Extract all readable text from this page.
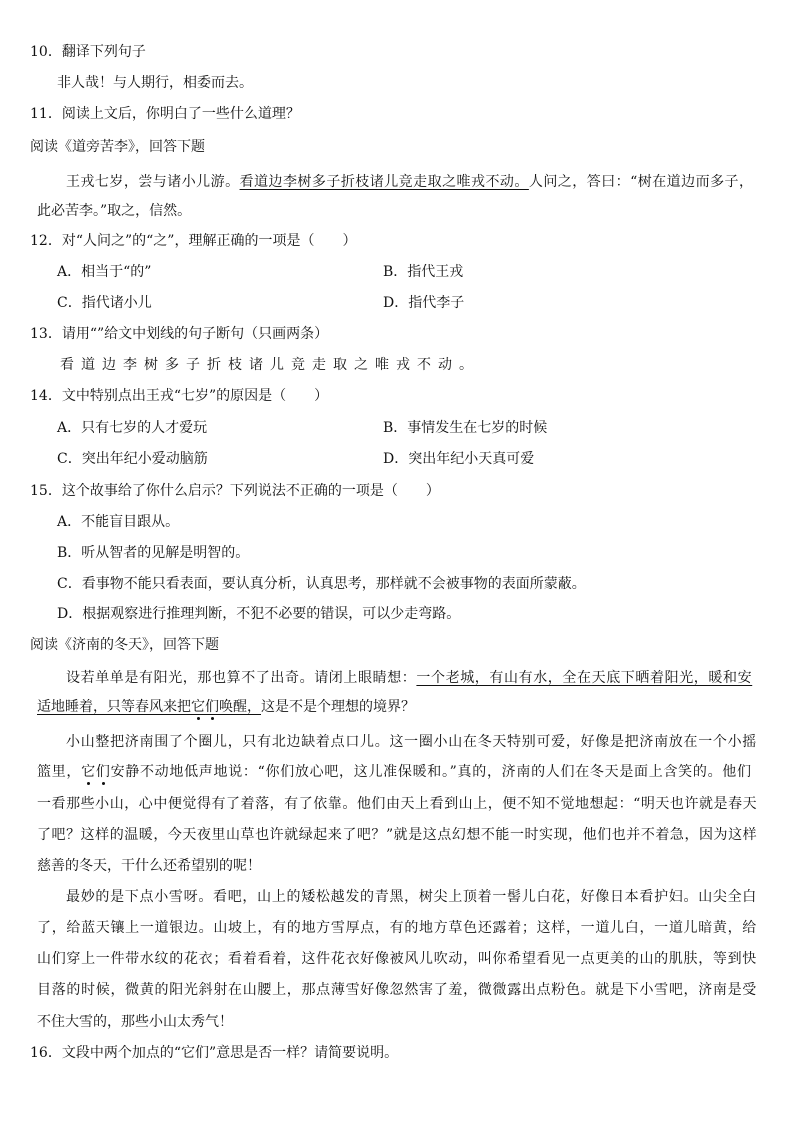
10．翻译下列句子
非人哉！与人期行，相委而去。
11．阅读上文后，你明白了一些什么道理？
阅读《道旁苦李》，回答下题
王戎七岁，尝与诸小儿游。看道边李树多子折枝诸儿竞走取之唯戎不动。人问之，答曰：“树在道边而多子，
此必苦李。”取之，信然。
12．对“人问之”的“之”，理解正确的一项是（　　）
A．相当于“的”	B．指代王戎
C．指代诸小儿	D．指代李子
13．请用“”给文中划线的句子断句（只画两条）
看道边李树多子折枝诸儿竞走取之唯戎不动。
14．文中特别点出王戎“七岁”的原因是（　　）
A．只有七岁的人才爱玩	B．事情发生在七岁的时候
C．突出年纪小爱动脑筋	D．突出年纪小天真可爱
15．这个故事给了你什么启示？下列说法不正确的一项是（　　）
A．不能盲目跟从。
B．听从智者的见解是明智的。
C．看事物不能只看表面，要认真分析，认真思考，那样就不会被事物的表面所蒙蔽。
D．根据观察进行推理判断，不犯不必要的错误，可以少走弯路。
阅读《济南的冬天》，回答下题
设若单单是有阳光，那也算不了出奇。请闭上眼睛想：一个老城，有山有水，全在天底下晒着阳光，暖和安
适地睡着，只等春风来把它们唤醒，这是不是个理想的境界？
小山整把济南围了个圈儿，只有北边缺着点口儿。这一圈小山在冬天特别可爱，好像是把济南放在一个小摇
篮里，它们安静不动地低声地说：“你们放心吧，这儿准保暖和。”真的，济南的人们在冬天是面上含笑的。他们
一看那些小山，心中便觉得有了着落，有了依靠。他们由天上看到山上，便不知不觉地想起：“明天也许就是春天
了吧？这样的温暖，今天夜里山草也许就绿起来了吧？”就是这点幻想不能一时实现，他们也并不着急，因为这样
慈善的冬天，干什么还希望别的呢！
最妙的是下点小雪呀。看吧，山上的矮松越发的青黑，树尖上顶着一髻儿白花，好像日本看护妇。山尖全白
了，给蓝天镶上一道银边。山坡上，有的地方雪厚点，有的地方草色还露着；这样，一道儿白，一道儿暗黄，给
山们穿上一件带水纹的花衣；看着看着，这件花衣好像被风儿吹动，叫你希望看见一点更美的山的肌肤，等到快
目落的时候，微黄的阳光斜射在山腰上，那点薄雪好像忽然害了羞，微微露出点粉色。就是下小雪吧，济南是受
不住大雪的，那些小山太秀气！
16．文段中两个加点的“它们”意思是否一样？请简要说明。
